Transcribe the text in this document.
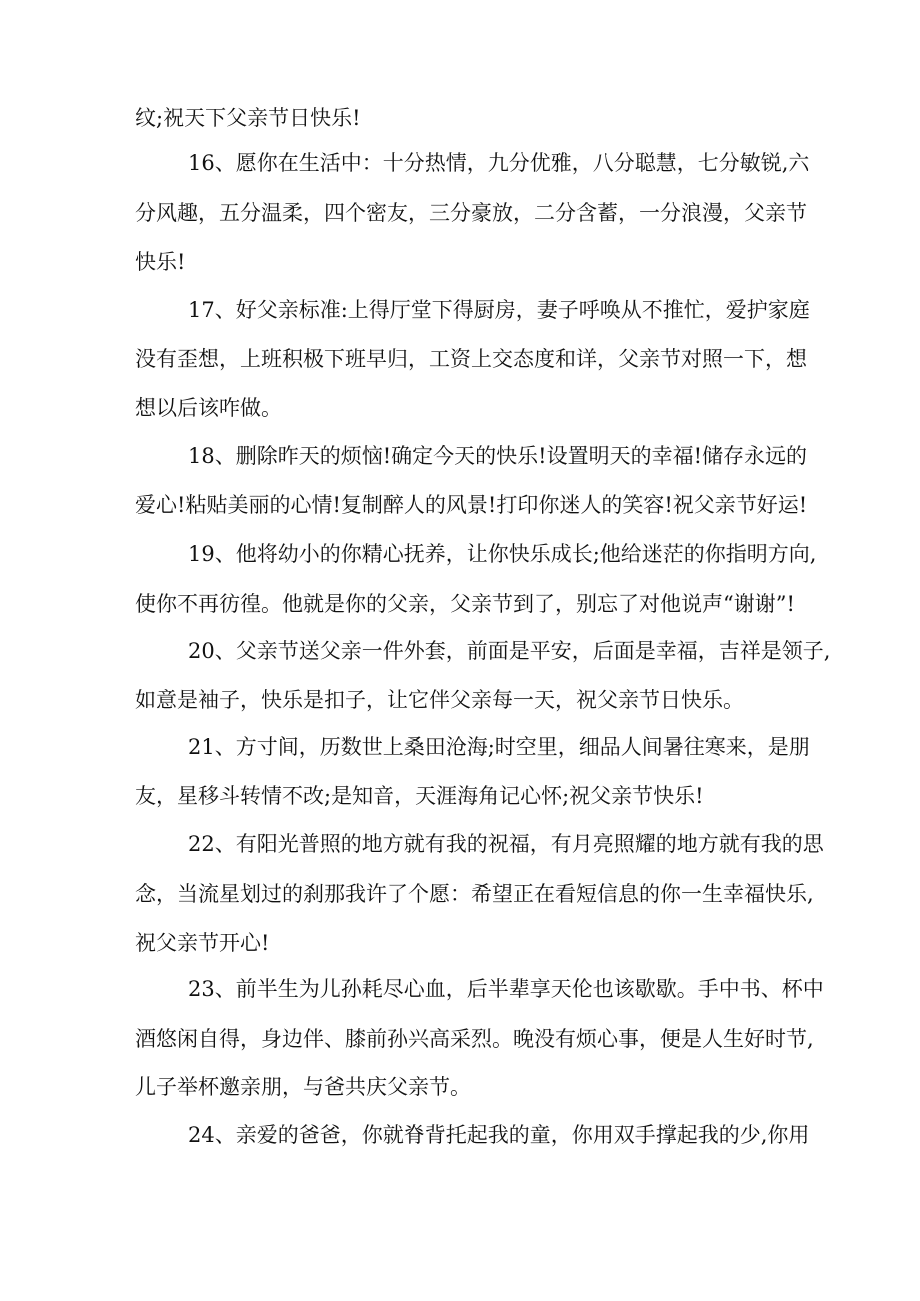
纹;祝天下父亲节日快乐!
16、愿你在生活中：十分热情，九分优雅，八分聪慧，七分敏锐,六
分风趣，五分温柔，四个密友，三分豪放，二分含蓄，一分浪漫，父亲节
快乐!
17、好父亲标准:上得厅堂下得厨房，妻子呼唤从不推忙，爱护家庭
没有歪想，上班积极下班早归，工资上交态度和详，父亲节对照一下，想
想以后该咋做。
18、删除昨天的烦恼!确定今天的快乐!设置明天的幸福!储存永远的
爱心!粘贴美丽的心情!复制醉人的风景!打印你迷人的笑容!祝父亲节好运!
19、他将幼小的你精心抚养，让你快乐成长;他给迷茫的你指明方向,
使你不再彷徨。他就是你的父亲，父亲节到了，别忘了对他说声“谢谢”!
20、父亲节送父亲一件外套，前面是平安，后面是幸福，吉祥是领子,
如意是袖子，快乐是扣子，让它伴父亲每一天，祝父亲节日快乐。
21、方寸间，历数世上桑田沧海;时空里，细品人间暑往寒来，是朋
友，星移斗转情不改;是知音，天涯海角记心怀;祝父亲节快乐!
22、有阳光普照的地方就有我的祝福，有月亮照耀的地方就有我的思
念，当流星划过的刹那我许了个愿：希望正在看短信息的你一生幸福快乐,
祝父亲节开心!
23、前半生为儿孙耗尽心血，后半辈享天伦也该歇歇。手中书、杯中
酒悠闲自得，身边伴、膝前孙兴高采烈。晚没有烦心事，便是人生好时节,
儿子举杯邀亲朋，与爸共庆父亲节。
24、亲爱的爸爸，你就脊背托起我的童，你用双手撑起我的少,你用
